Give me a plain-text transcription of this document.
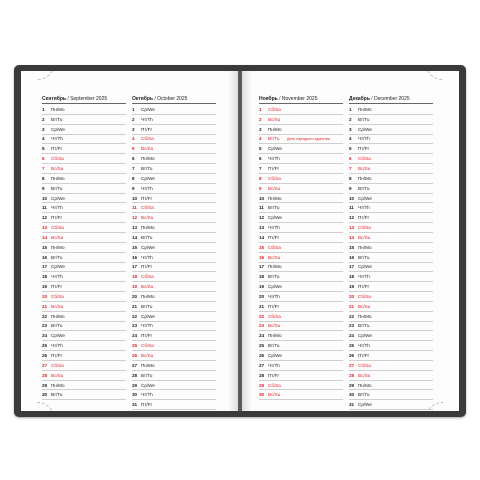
Сентябрь / September 2025
1	Пн/Mo
2	Вт/Tu
3	Ср/We
4	Чт/Th
5	Пт/Fr
6	Сб/Sa
7	Вс/Su
8	Пн/Mo
9	Вт/Tu
10 Ср/We
11 Чт/Th
12 Пт/Fr
13 Сб/Sa
14 Вс/Su
15 Пн/Mo
16 Вт/Tu
17 Ср/We
18 Чт/Th
19 Пт/Fr
20 Сб/Sa
21 Вс/Su
22 Пн/Mo
23 Вт/Tu
24 Ср/We
25 Чт/Th
26 Пт/Fr
27 Сб/Sa
28 Вс/Su
29 Пн/Mo
30 Вт/Tu
Октябрь / October 2025
1	Ср/We
2	Чт/Th
3	Пт/Fr
4	Сб/Sa
5	Вс/Su
6	Пн/Mo
7	Вт/Tu
8	Ср/We
9	Чт/Th
10 Пт/Fr
11 Сб/Sa
12 Вс/Su
13 Пн/Mo
14 Вт/Tu
15 Ср/We
16 Чт/Th
17 Пт/Fr
18 Сб/Sa
19 Вс/Su
20 Пн/Mo
21 Вт/Tu
22 Ср/We
23 Чт/Th
24 Пт/Fr
25 Сб/Sa
26 Вс/Su
27 Пн/Mo
28 Вт/Tu
29 Ср/We
30 Чт/Th
31 Пт/Fr
Ноябрь / November 2025
1	Сб/Sa
2	Вс/Su
3	Пн/Mo
4	Вт/Tu День народного единства
5	Ср/We
6	Чт/Th
7	Пт/Fr
8	Сб/Sa
9	Вс/Su
10 Пн/Mo
11 Вт/Tu
12 Ср/We
13 Чт/Th
14 Пт/Fr
15 Сб/Sa
16 Вс/Su
17 Пн/Mo
18 Вт/Tu
19 Ср/We
20 Чт/Th
21 Пт/Fr
22 Сб/Sa
23 Вс/Su
24 Пн/Mo
25 Вт/Tu
26 Ср/We
27 Чт/Th
28 Пт/Fr
29 Сб/Sa
30 Вс/Su
Декабрь / December 2025
1	Пн/Mo
2	Вт/Tu
3	Ср/We
4	Чт/Th
5	Пт/Fr
6	Сб/Sa
7	Вс/Su
8	Пн/Mo
9	Вт/Tu
10 Ср/We
11 Чт/Th
12 Пт/Fr
13 Сб/Sa
14 Вс/Su
15 Пн/Mo
16 Вт/Tu
17 Ср/We
18 Чт/Th
19 Пт/Fr
20 Сб/Sa
21 Вс/Su
22 Пн/Mo
23 Вт/Tu
24 Ср/We
25 Чт/Th
26 Пт/Fr
27 Сб/Sa
28 Вс/Su
29 Пн/Mo
30 Вт/Tu
31 Ср/We
